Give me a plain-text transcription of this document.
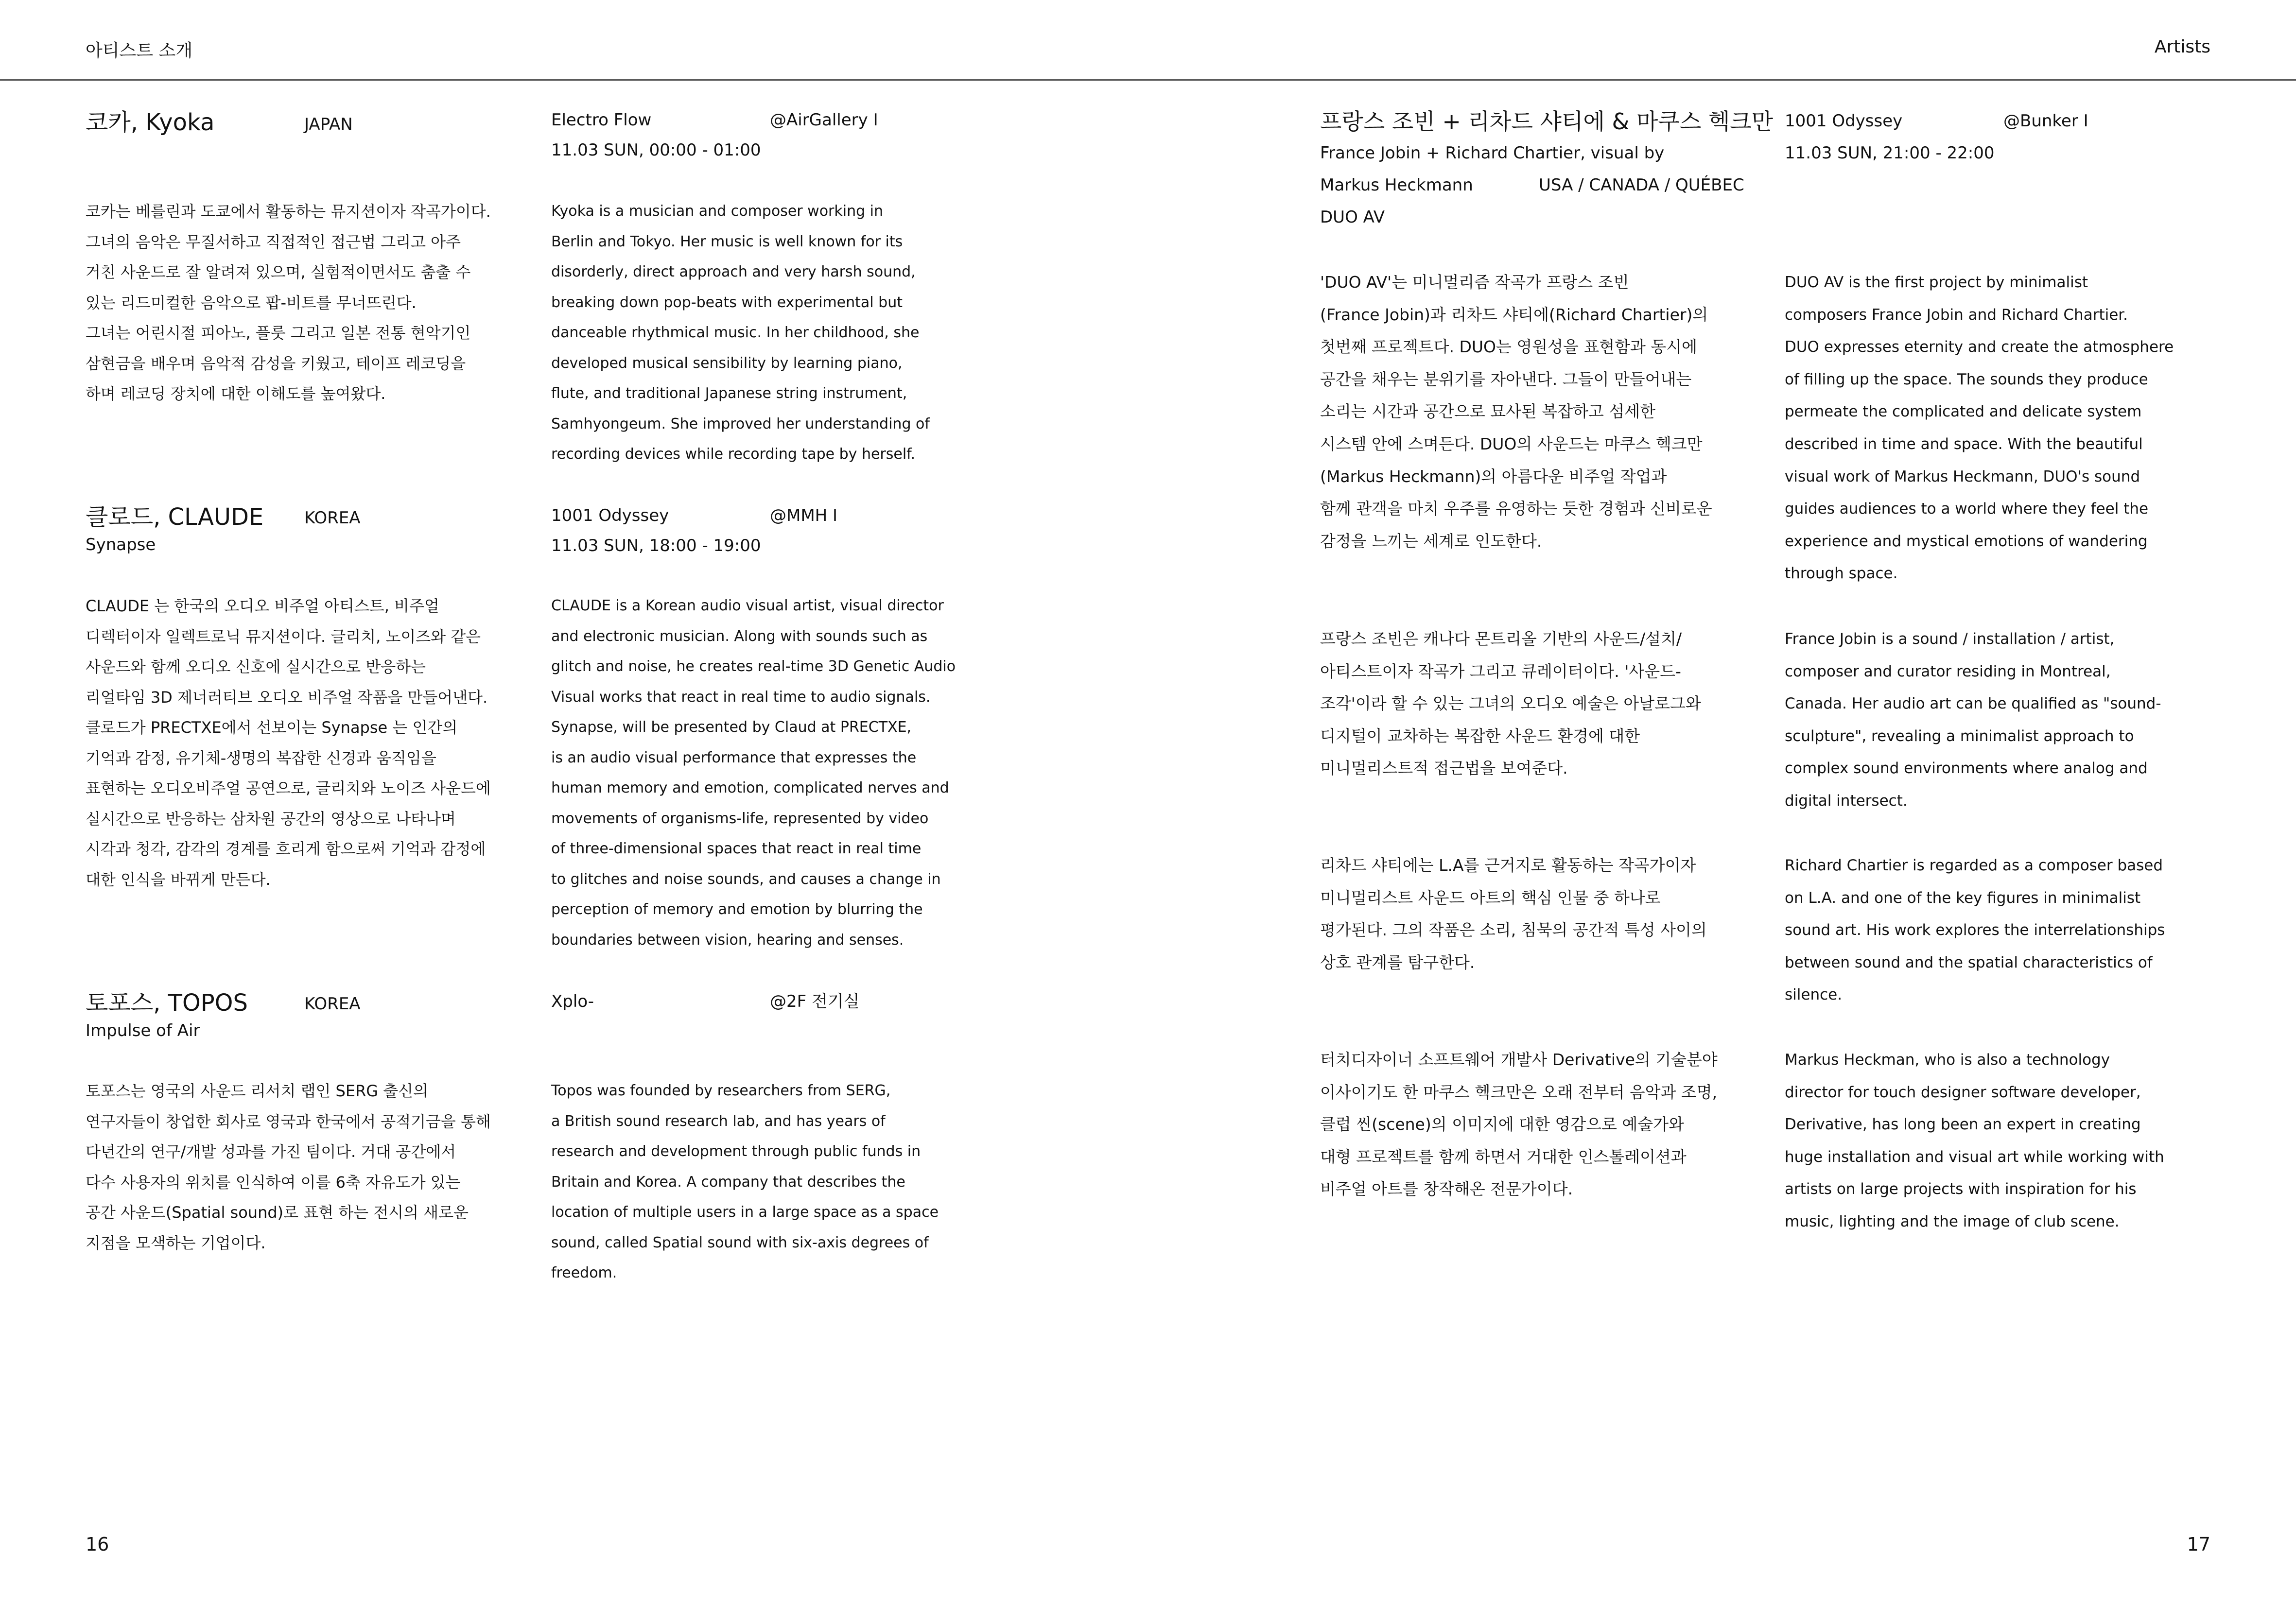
아티스트 소개	Artists
코카, Kyoka	JAPAN	Electro Flow	@AirGallery I
11.03 SUN, 00:00 - 01:00
코카는 베를린과 도쿄에서 활동하는 뮤지션이자 작곡가이다.
그녀의 음악은 무질서하고 직접적인 접근법 그리고 아주
거친 사운드로 잘 알려져 있으며, 실험적이면서도 춤출 수
있는 리드미컬한 음악으로 팝-비트를 무너뜨린다.
그녀는 어린시절 피아노, 플룻 그리고 일본 전통 현악기인
삼현금을 배우며 음악적 감성을 키웠고, 테이프 레코딩을
하며 레코딩 장치에 대한 이해도를 높여왔다.
Kyoka is a musician and composer working in
Berlin and Tokyo. Her music is well known for its
disorderly, direct approach and very harsh sound,
breaking down pop-beats with experimental but
danceable rhythmical music. In her childhood, she
developed musical sensibility by learning piano,
flute, and traditional Japanese string instrument,
Samhyongeum. She improved her understanding of
recording devices while recording tape by herself.
클로드, CLAUDE KOREA
Synapse
1001 Odyssey	@MMH I
11.03 SUN, 18:00 - 19:00
CLAUDE 는 한국의 오디오 비주얼 아티스트, 비주얼
디렉터이자 일렉트로닉 뮤지션이다. 글리치, 노이즈와 같은
사운드와 함께 오디오 신호에 실시간으로 반응하는
리얼타임 3D 제너러티브 오디오 비주얼 작품을 만들어낸다.
클로드가 PRECTXE에서 선보이는 Synapse 는 인간의
기억과 감정, 유기체-생명의 복잡한 신경과 움직임을
표현하는 오디오비주얼 공연으로, 글리치와 노이즈 사운드에
실시간으로 반응하는 삼차원 공간의 영상으로 나타나며
시각과 청각, 감각의 경계를 흐리게 함으로써 기억과 감정에
대한 인식을 바뀌게 만든다.
CLAUDE is a Korean audio visual artist, visual director
and electronic musician. Along with sounds such as
glitch and noise, he creates real-time 3D Genetic Audio
Visual works that react in real time to audio signals.
Synapse, will be presented by Claud at PRECTXE,
is an audio visual performance that expresses the
human memory and emotion, complicated nerves and
movements of organisms-life, represented by video
of three-dimensional spaces that react in real time
to glitches and noise sounds, and causes a change in
perception of memory and emotion by blurring the
boundaries between vision, hearing and senses.
토포스, TOPOS	KOREA
Impulse of Air
Xplo-	@2F 전기실
토포스는 영국의 사운드 리서치 랩인 SERG 출신의
연구자들이 창업한 회사로 영국과 한국에서 공적기금을 통해
다년간의 연구/개발 성과를 가진 팀이다. 거대 공간에서
다수 사용자의 위치를 인식하여 이를 6축 자유도가 있는
공간 사운드(Spatial sound)로 표현 하는 전시의 새로운
지점을 모색하는 기업이다.
Topos was founded by researchers from SERG,
a British sound research lab, and has years of
research and development through public funds in
Britain and Korea. A company that describes the
location of multiple users in a large space as a space
sound, called Spatial sound with six-axis degrees of
freedom.
프랑스 조빈 + 리차드 샤티에 & 마쿠스 헥크만
France Jobin + Richard Chartier, visual by
Markus Heckmann	USA / CANADA / QUÉBEC
DUO AV
1001 Odyssey	@Bunker I
11.03 SUN, 21:00 - 22:00
'DUO AV'는 미니멀리즘 작곡가 프랑스 조빈
(France Jobin)과 리차드 샤티에(Richard Chartier)의
첫번째 프로젝트다. DUO는 영원성을 표현함과 동시에
공간을 채우는 분위기를 자아낸다. 그들이 만들어내는
소리는 시간과 공간으로 묘사된 복잡하고 섬세한
시스템 안에 스며든다. DUO의 사운드는 마쿠스 헥크만
(Markus Heckmann)의 아름다운 비주얼 작업과
함께 관객을 마치 우주를 유영하는 듯한 경험과 신비로운
감정을 느끼는 세계로 인도한다.
DUO AV is the first project by minimalist
composers France Jobin and Richard Chartier.
DUO expresses eternity and create the atmosphere
of filling up the space. The sounds they produce
permeate the complicated and delicate system
described in time and space. With the beautiful
visual work of Markus Heckmann, DUO's sound
guides audiences to a world where they feel the
experience and mystical emotions of wandering
through space.
프랑스 조빈은 캐나다 몬트리올 기반의 사운드/설치/
아티스트이자 작곡가 그리고 큐레이터이다. '사운드-
조각'이라 할 수 있는 그녀의 오디오 예술은 아날로그와
디지털이 교차하는 복잡한 사운드 환경에 대한
미니멀리스트적 접근법을 보여준다.
France Jobin is a sound / installation / artist,
composer and curator residing in Montreal,
Canada. Her audio art can be qualified as "sound-
sculpture", revealing a minimalist approach to
complex sound environments where analog and
digital intersect.
리차드 샤티에는 L.A를 근거지로 활동하는 작곡가이자
미니멀리스트 사운드 아트의 핵심 인물 중 하나로
평가된다. 그의 작품은 소리, 침묵의 공간적 특성 사이의
상호 관계를 탐구한다.
Richard Chartier is regarded as a composer based
on L.A. and one of the key figures in minimalist
sound art. His work explores the interrelationships
between sound and the spatial characteristics of
silence.
터치디자이너 소프트웨어 개발사 Derivative의 기술분야
이사이기도 한 마쿠스 헥크만은 오래 전부터 음악과 조명,
클럽 씬(scene)의 이미지에 대한 영감으로 예술가와
대형 프로젝트를 함께 하면서 거대한 인스톨레이션과
비주얼 아트를 창작해온 전문가이다.
Markus Heckman, who is also a technology
director for touch designer software developer,
Derivative, has long been an expert in creating
huge installation and visual art while working with
artists on large projects with inspiration for his
music, lighting and the image of club scene.
16	17
